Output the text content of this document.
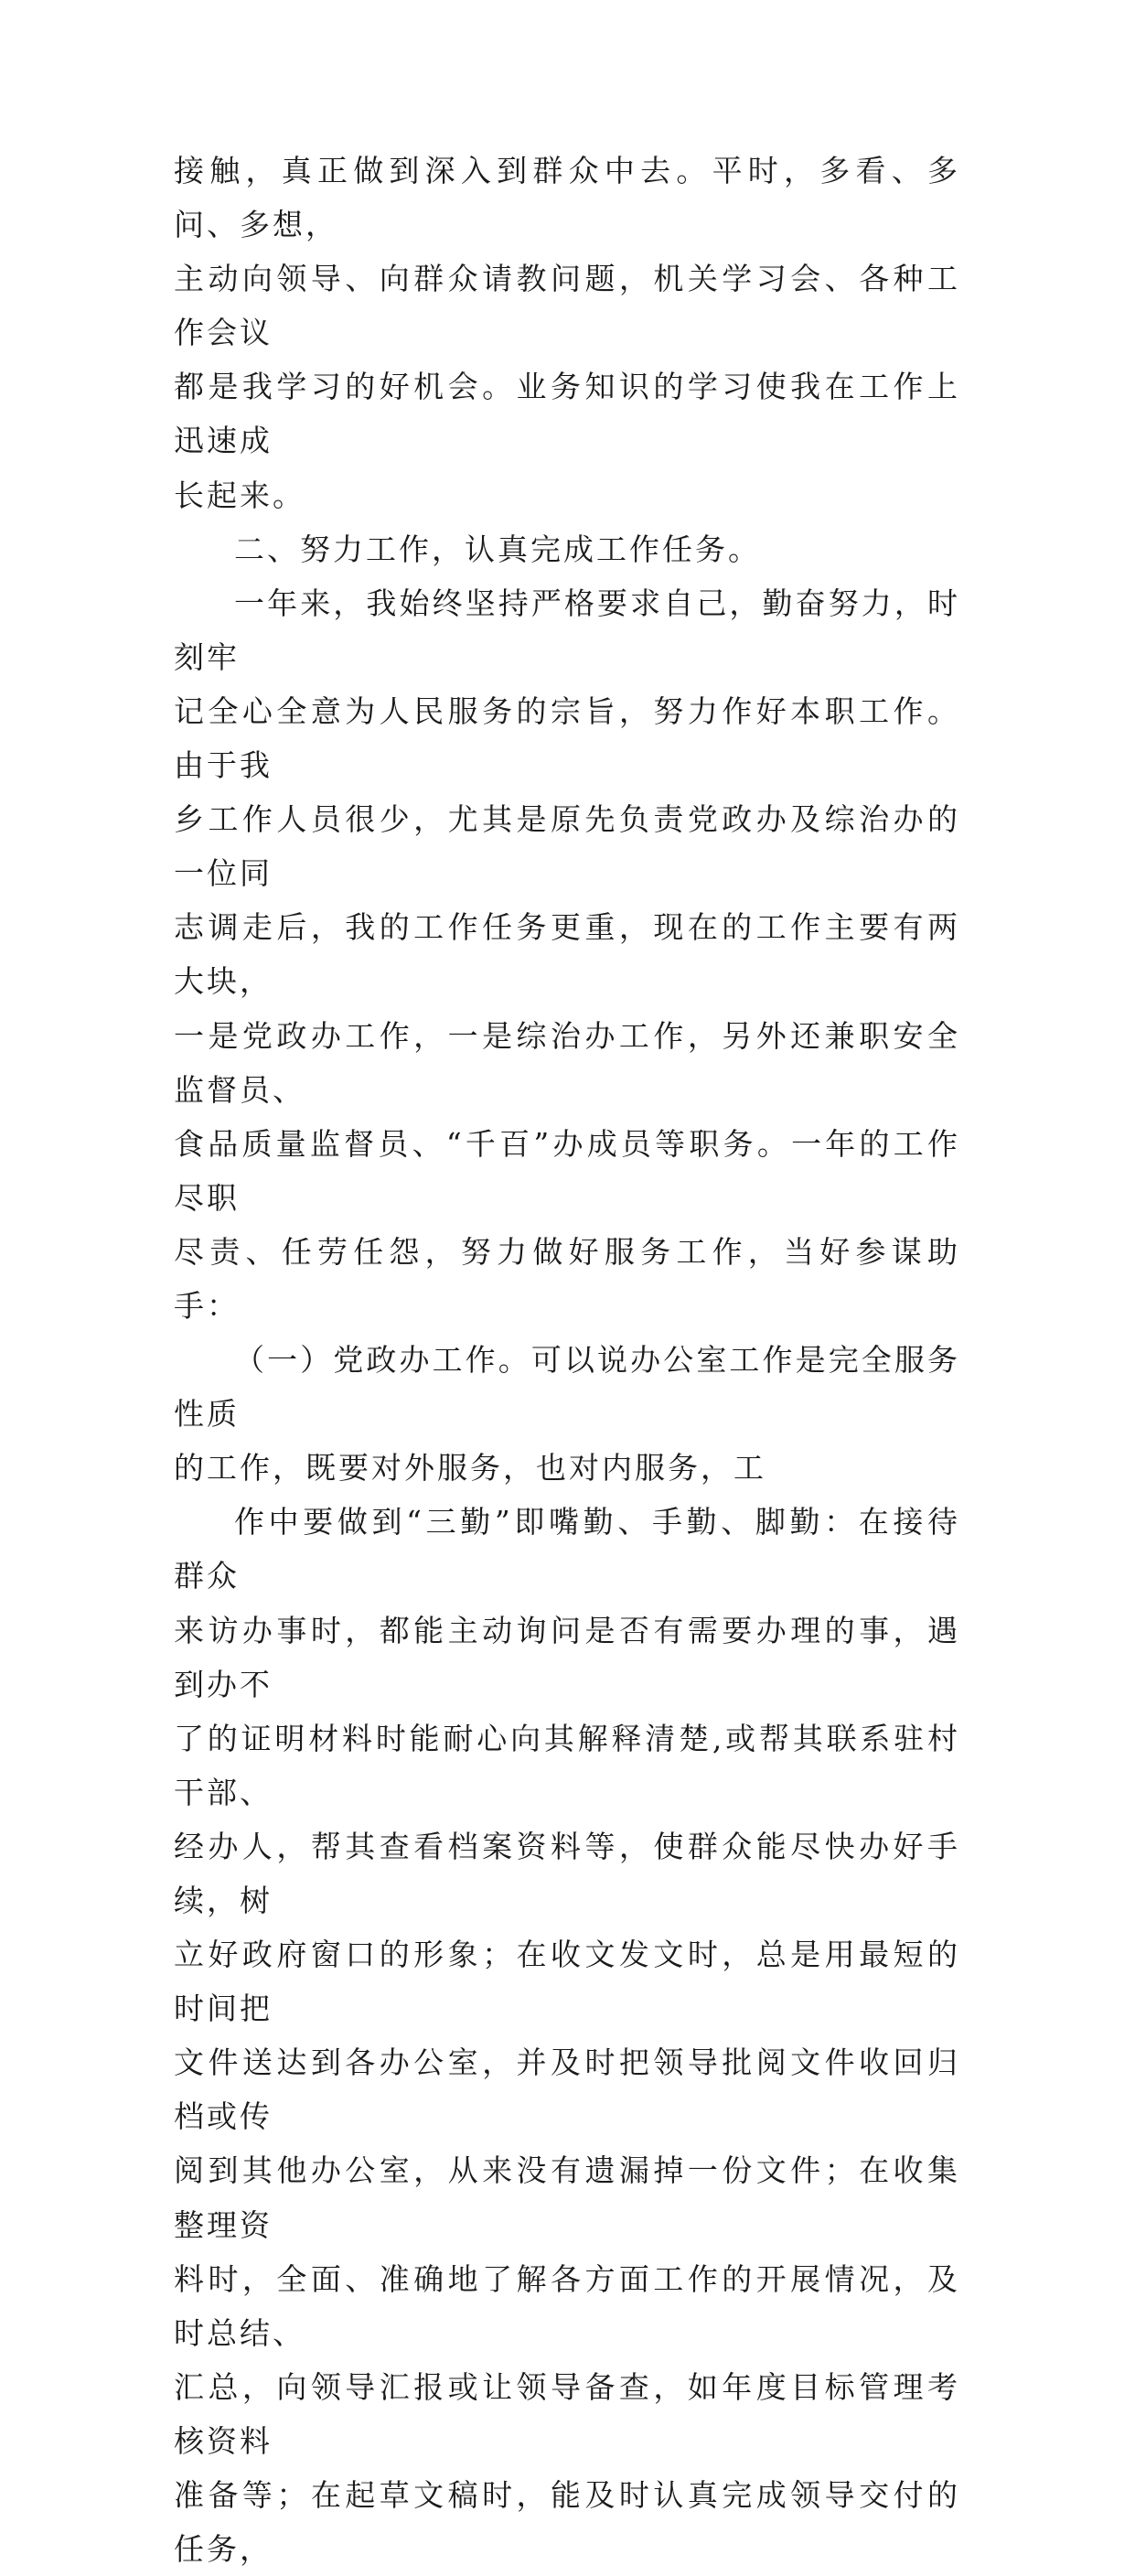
接触，真正做到深入到群众中去。平时，多看、多问、多想，
主动向领导、向群众请教问题，机关学习会、各种工作会议
都是我学习的好机会。业务知识的学习使我在工作上迅速成
长起来。

二、努力工作，认真完成工作任务。

一年来，我始终坚持严格要求自己，勤奋努力，时刻牢
记全心全意为人民服务的宗旨，努力作好本职工作。由于我
乡工作人员很少，尤其是原先负责党政办及综治办的一位同
志调走后，我的工作任务更重，现在的工作主要有两大块，
一是党政办工作，一是综治办工作，另外还兼职安全监督员、
食品质量监督员、“千百”办成员等职务。一年的工作尽职
尽责、任劳任怨，努力做好服务工作，当好参谋助手：

（一）党政办工作。可以说办公室工作是完全服务性质
的工作，既要对外服务，也对内服务，工

作中要做到“三勤”即嘴勤、手勤、脚勤：在接待群众
来访办事时，都能主动询问是否有需要办理的事，遇到办不
了的证明材料时能耐心向其解释清楚,或帮其联系驻村干部、
经办人，帮其查看档案资料等，使群众能尽快办好手续，树
立好政府窗口的形象；在收文发文时，总是用最短的时间把
文件送达到各办公室，并及时把领导批阅文件收回归档或传
阅到其他办公室，从来没有遗漏掉一份文件；在收集整理资
料时，全面、准确地了解各方面工作的开展情况，及时总结、
汇总，向领导汇报或让领导备查，如年度目标管理考核资料
准备等；在起草文稿时，能及时认真完成领导交付的任务，
